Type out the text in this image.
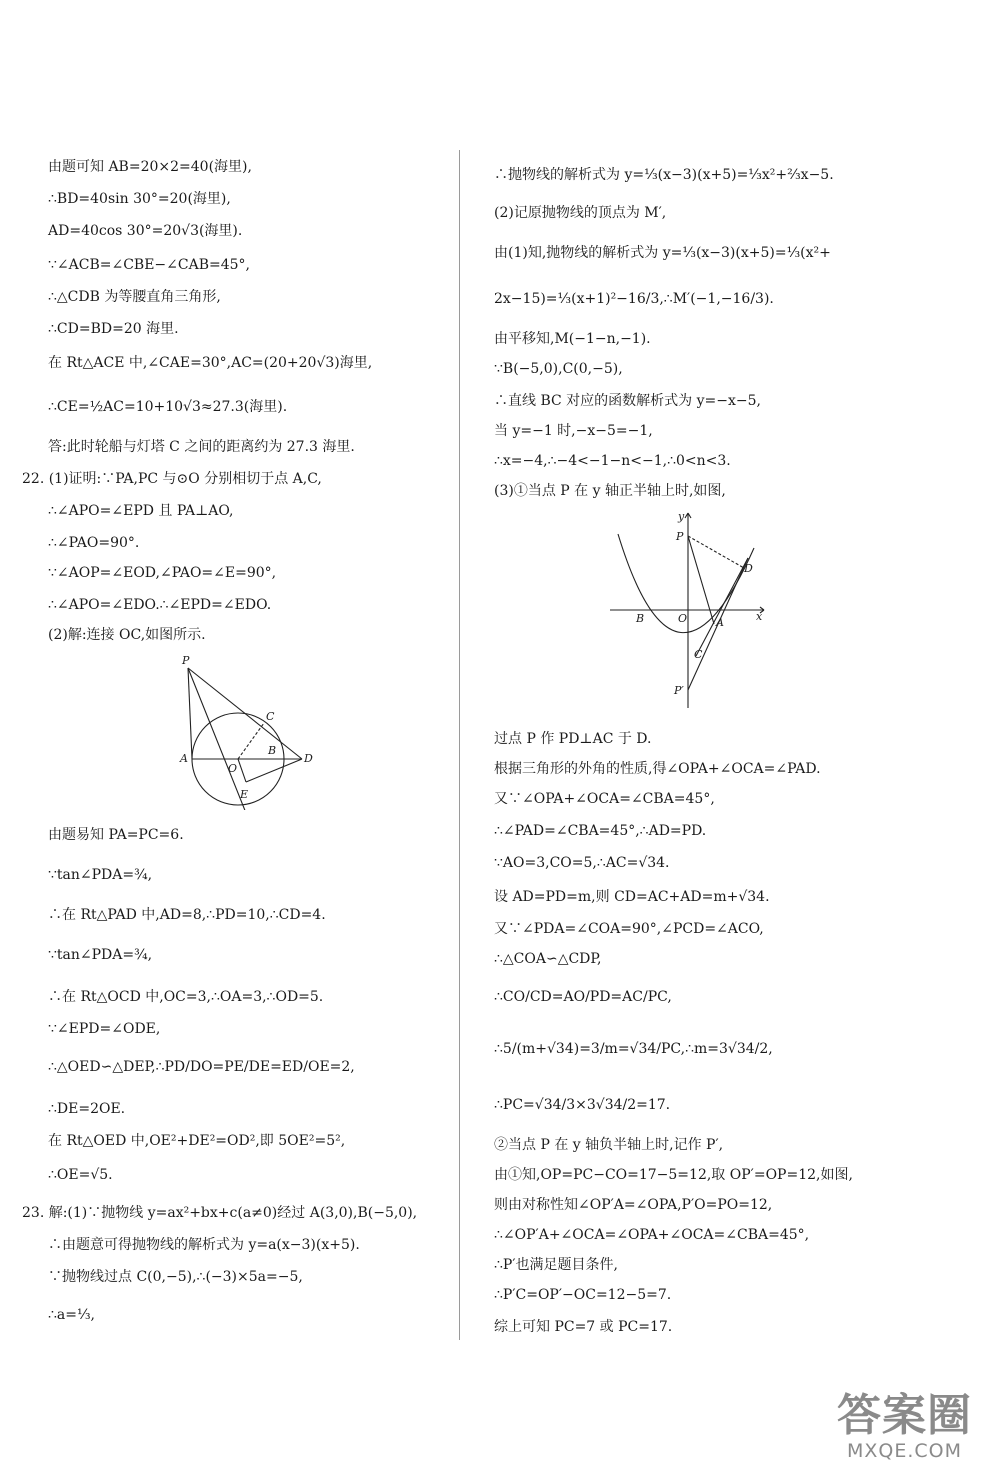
由题可知 AB=20×2=40(海里),
∴BD=40sin 30°=20(海里),
AD=40cos 30°=20√3(海里).
∵∠ACB=∠CBE−∠CAB=45°,
∴△CDB 为等腰直角三角形,
∴CD=BD=20 海里.
在 Rt△ACE 中,∠CAE=30°,AC=(20+20√3)海里,
∴CE=½AC=10+10√3≈27.3(海里).
答:此时轮船与灯塔 C 之间的距离约为 27.3 海里.
22. (1)证明:∵PA,PC 与⊙O 分别相切于点 A,C,
∴∠APO=∠EPD 且 PA⊥AO,
∴∠PAO=90°.
∵∠AOP=∠EOD,∠PAO=∠E=90°,
∴∠APO=∠EDO.∴∠EPD=∠EDO.
(2)解:连接 OC,如图所示.
P
C
A
O
B
D
E
由题易知 PA=PC=6.
∵tan∠PDA=¾,
∴在 Rt△PAD 中,AD=8,∴PD=10,∴CD=4.
∵tan∠PDA=¾,
∴在 Rt△OCD 中,OC=3,∴OA=3,∴OD=5.
∵∠EPD=∠ODE,
∴△OED∽△DEP,∴PD/DO=PE/DE=ED/OE=2,
∴DE=2OE.
在 Rt△OED 中,OE²+DE²=OD²,即 5OE²=5²,
∴OE=√5.
23. 解:(1)∵抛物线 y=ax²+bx+c(a≠0)经过 A(3,0),B(−5,0),
∴由题意可得抛物线的解析式为 y=a(x−3)(x+5).
∵抛物线过点 C(0,−5),∴(−3)×5a=−5,
∴a=⅓,
∴抛物线的解析式为 y=⅓(x−3)(x+5)=⅓x²+⅔x−5.
(2)记原抛物线的顶点为 M′,
由(1)知,抛物线的解析式为 y=⅓(x−3)(x+5)=⅓(x²+
2x−15)=⅓(x+1)²−16/3,∴M′(−1,−16/3).
由平移知,M(−1−n,−1).
∵B(−5,0),C(0,−5),
∴直线 BC 对应的函数解析式为 y=−x−5,
当 y=−1 时,−x−5=−1,
∴x=−4,∴−4<−1−n<−1,∴0<n<3.
(3)①当点 P 在 y 轴正半轴上时,如图,
y
P
D
B	O	A	x
C
P′
过点 P 作 PD⊥AC 于 D.
根据三角形的外角的性质,得∠OPA+∠OCA=∠PAD.
又∵∠OPA+∠OCA=∠CBA=45°,
∴∠PAD=∠CBA=45°,∴AD=PD.
∵AO=3,CO=5,∴AC=√34.
设 AD=PD=m,则 CD=AC+AD=m+√34.
又∵∠PDA=∠COA=90°,∠PCD=∠ACO,
∴△COA∽△CDP,
∴CO/CD=AO/PD=AC/PC,
∴5/(m+√34)=3/m=√34/PC,∴m=3√34/2,
∴PC=√34/3×3√34/2=17.
②当点 P 在 y 轴负半轴上时,记作 P′,
由①知,OP=PC−CO=17−5=12,取 OP′=OP=12,如图,
则由对称性知∠OP′A=∠OPA,P′O=PO=12,
∴∠OP′A+∠OCA=∠OPA+∠OCA=∠CBA=45°,
∴P′也满足题目条件,
∴P′C=OP′−OC=12−5=7.
综上可知 PC=7 或 PC=17.
答案圈
MXQE.COM
